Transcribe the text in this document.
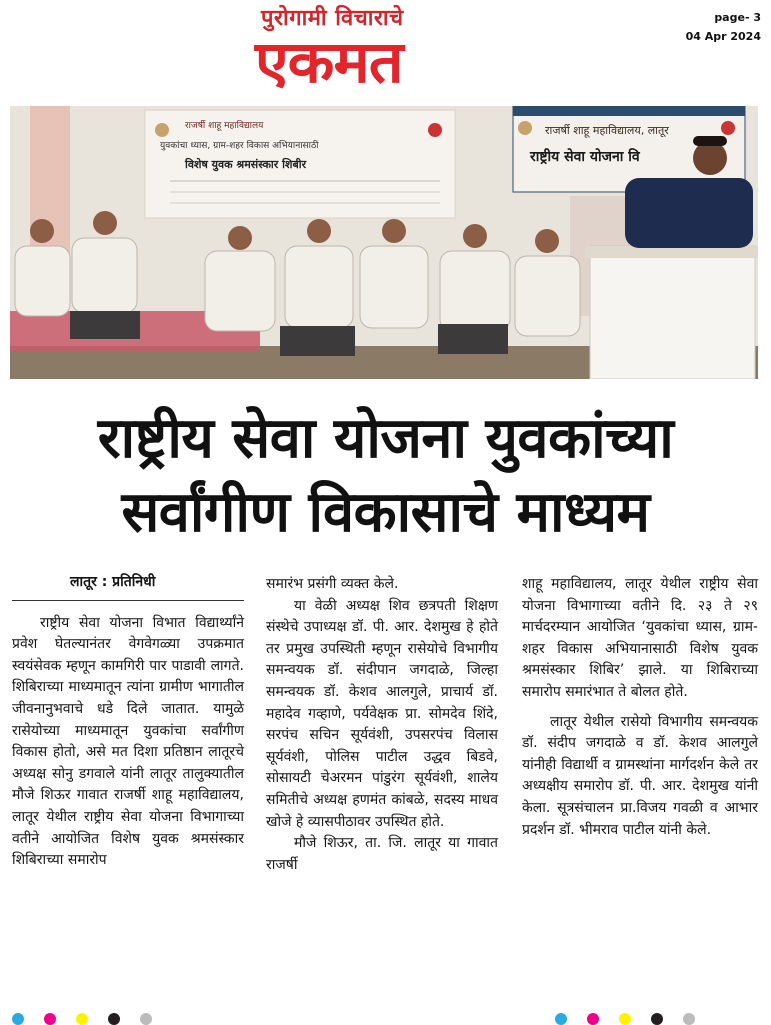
पुरोगामी विचाराचे
एकमत
page- 3
04 Apr 2024
राजर्षी शाहू महाविद्यालय
युवकांचा ध्यास, ग्राम-शहर विकास अभियानासाठी
विशेष युवक श्रमसंस्कार शिबीर
राजर्षी शाहू महाविद्यालय, लातूर
राष्ट्रीय सेवा योजना वि
राष्ट्रीय सेवा योजना युवकांच्या
सर्वांगीण विकासाचे माध्यम
लातूर : प्रतिनिधी

राष्ट्रीय सेवा योजना विभात विद्यार्थ्यांने प्रवेश घेतल्यानंतर वेगवेगळ्या उपक्रमात स्वयंसेवक म्हणून कामगिरी पार पाडावी लागते. शिबिराच्या माध्यमातून त्यांना ग्रामीण भागातील जीवनानुभवाचे धडे दिले जातात. यामुळे रासेयोच्या माध्यमातून युवकांचा सर्वांगीण विकास होतो, असे मत दिशा प्रतिष्ठान लातूरचे अध्यक्ष सोनु डगवाले यांनी लातूर तालुक्यातील मौजे शिऊर गावात राजर्षी शाहू महाविद्यालय, लातूर येथील राष्ट्रीय सेवा योजना विभागाच्या वतीने आयोजित विशेष युवक श्रमसंस्कार शिबिराच्या समारोप

समारंभ प्रसंगी व्यक्त केले.

या वेळी अध्यक्ष शिव छत्रपती शिक्षण संस्थेचे उपाध्यक्ष डॉ. पी. आर. देशमुख हे होते तर प्रमुख उपस्थिती म्हणून रासेयोचे विभागीय समन्वयक डॉ. संदीपान जगदाळे, जिल्हा समन्वयक डॉ. केशव आलगुले, प्राचार्य डॉ. महादेव गव्हाणे, पर्यवेक्षक प्रा. सोमदेव शिंदे, सरपंच सचिन सूर्यवंशी, उपसरपंच विलास सूर्यवंशी, पोलिस पाटील उद्धव बिडवे, सोसायटी चेअरमन पांडुरंग सूर्यवंशी, शालेय समितीचे अध्यक्ष हणमंत कांबळे, सदस्य माधव खोजे हे व्यासपीठावर उपस्थित होते.

मौजे शिऊर, ता. जि. लातूर या गावात राजर्षी

शाहू महाविद्यालय, लातूर येथील राष्ट्रीय सेवा योजना विभागाच्या वतीने दि. २३ ते २९ मार्चदरम्यान आयोजित ‘युवकांचा ध्यास, ग्राम-शहर विकास अभियानासाठी विशेष युवक श्रमसंस्कार शिबिर’ झाले. या शिबिराच्या समारोप समारंभात ते बोलत होते.

लातूर येथील रासेयो विभागीय समन्वयक डॉ. संदीप जगदाळे व डॉ. केशव आलगुले यांनीही विद्यार्थी व ग्रामस्थांना मार्गदर्शन केले तर अध्यक्षीय समारोप डॉ. पी. आर. देशमुख यांनी केला. सूत्रसंचालन प्रा.विजय गवळी व आभार प्रदर्शन डॉ. भीमराव पाटील यांनी केले.
